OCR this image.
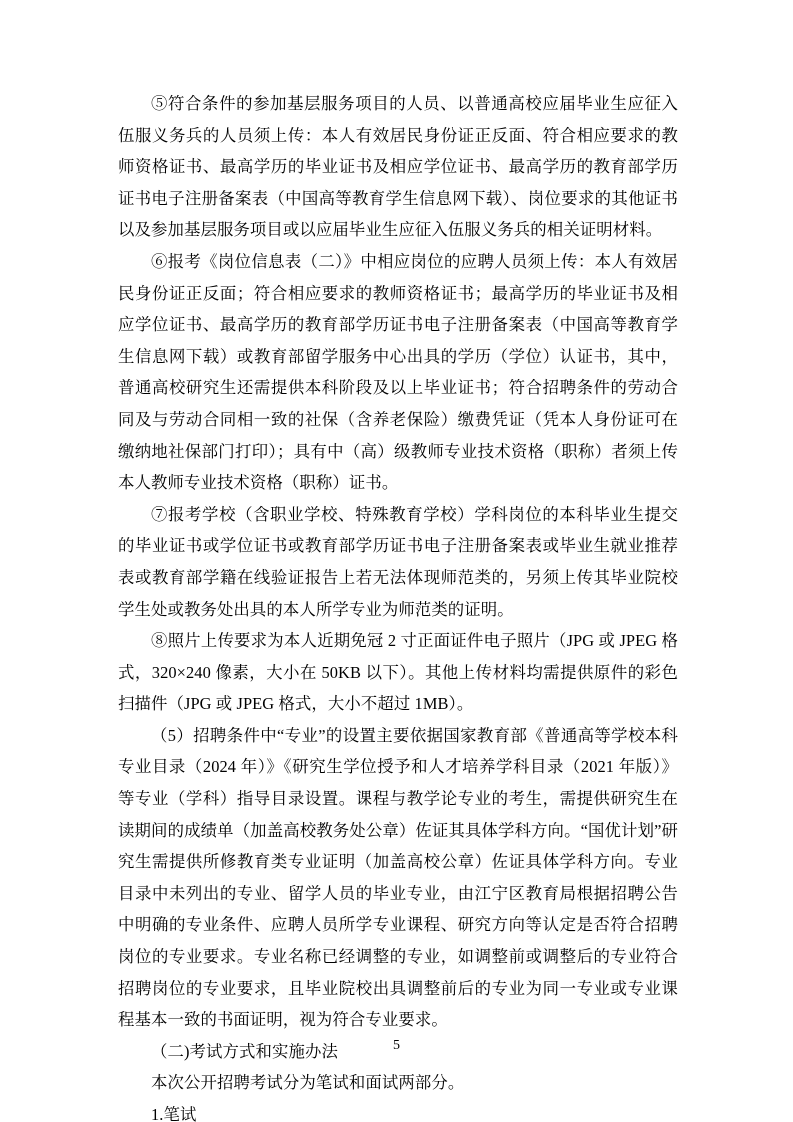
⑤符合条件的参加基层服务项目的人员、以普通高校应届毕业生应征入伍服义务兵的人员须上传：本人有效居民身份证正反面、符合相应要求的教师资格证书、最高学历的毕业证书及相应学位证书、最高学历的教育部学历证书电子注册备案表（中国高等教育学生信息网下载）、岗位要求的其他证书以及参加基层服务项目或以应届毕业生应征入伍服义务兵的相关证明材料。

⑥报考《岗位信息表（二）》中相应岗位的应聘人员须上传：本人有效居民身份证正反面；符合相应要求的教师资格证书；最高学历的毕业证书及相应学位证书、最高学历的教育部学历证书电子注册备案表（中国高等教育学生信息网下载）或教育部留学服务中心出具的学历（学位）认证书，其中，普通高校研究生还需提供本科阶段及以上毕业证书；符合招聘条件的劳动合同及与劳动合同相一致的社保（含养老保险）缴费凭证（凭本人身份证可在缴纳地社保部门打印）；具有中（高）级教师专业技术资格（职称）者须上传本人教师专业技术资格（职称）证书。

⑦报考学校（含职业学校、特殊教育学校）学科岗位的本科毕业生提交的毕业证书或学位证书或教育部学历证书电子注册备案表或毕业生就业推荐表或教育部学籍在线验证报告上若无法体现师范类的，另须上传其毕业院校学生处或教务处出具的本人所学专业为师范类的证明。

⑧照片上传要求为本人近期免冠 2 寸正面证件电子照片（JPG 或 JPEG 格式，320×240 像素，大小在 50KB 以下）。其他上传材料均需提供原件的彩色扫描件（JPG 或 JPEG 格式，大小不超过 1MB）。

（5）招聘条件中“专业”的设置主要依据国家教育部《普通高等学校本科专业目录（2024 年）》《研究生学位授予和人才培养学科目录（2021 年版）》等专业（学科）指导目录设置。课程与教学论专业的考生，需提供研究生在读期间的成绩单（加盖高校教务处公章）佐证其具体学科方向。“国优计划”研究生需提供所修教育类专业证明（加盖高校公章）佐证具体学科方向。专业目录中未列出的专业、留学人员的毕业专业，由江宁区教育局根据招聘公告中明确的专业条件、应聘人员所学专业课程、研究方向等认定是否符合招聘岗位的专业要求。专业名称已经调整的专业，如调整前或调整后的专业符合招聘岗位的专业要求，且毕业院校出具调整前后的专业为同一专业或专业课程基本一致的书面证明，视为符合专业要求。

（二)考试方式和实施办法

本次公开招聘考试分为笔试和面试两部分。

1.笔试

5
